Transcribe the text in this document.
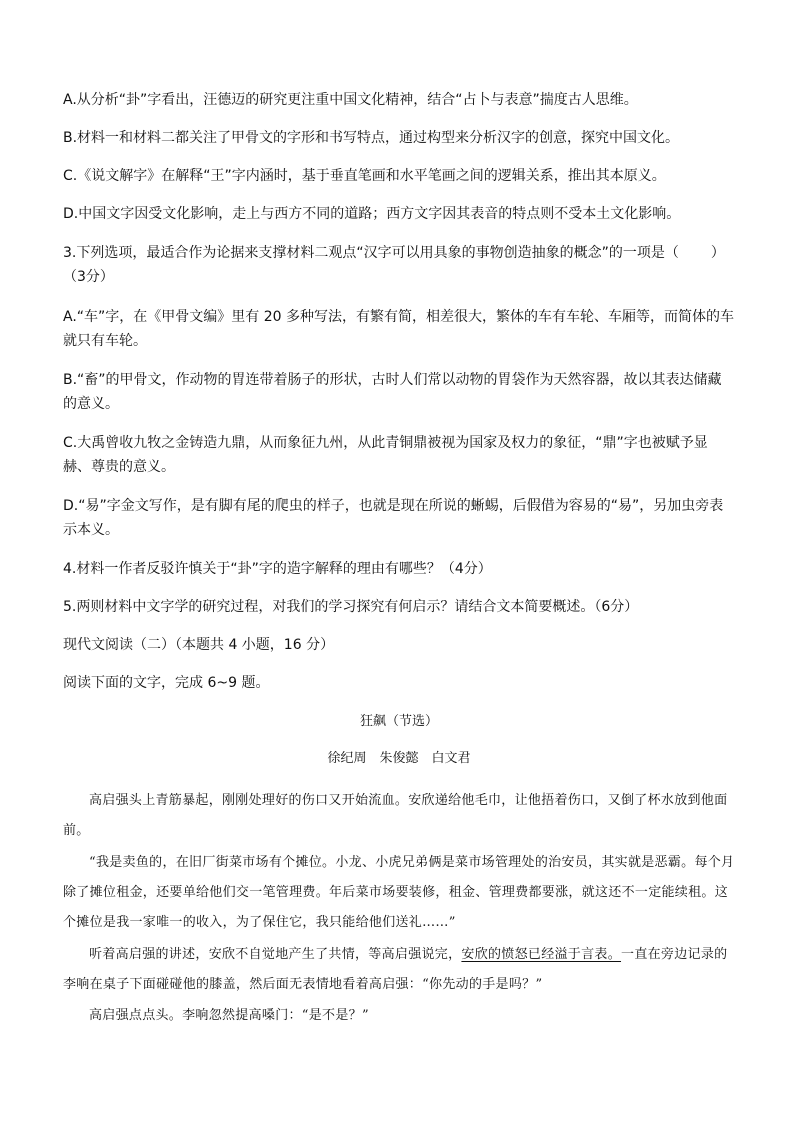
A.从分析“卦”字看出，汪德迈的研究更注重中国文化精神，结合“占卜与表意”揣度古人思维。
B.材料一和材料二都关注了甲骨文的字形和书写特点，通过构型来分析汉字的创意，探究中国文化。
C.《说文解字》在解释“王”字内涵时，基于垂直笔画和水平笔画之间的逻辑关系，推出其本原义。
D.中国文字因受文化影响，走上与西方不同的道路；西方文字因其表音的特点则不受本土文化影响。
3.下列选项，最适合作为论据来支撑材料二观点“汉字可以用具象的事物创造抽象的概念”的一项是（ ）
（3分）
A.“车”字，在《甲骨文编》里有 20 多种写法，有繁有简，相差很大，繁体的车有车轮、车厢等，而简体的车就只有车轮。
B.“畜”的甲骨文，作动物的胃连带着肠子的形状，古时人们常以动物的胃袋作为天然容器，故以其表达储藏的意义。
C.大禹曾收九牧之金铸造九鼎，从而象征九州，从此青铜鼎被视为国家及权力的象征，“鼎”字也被赋予显赫、尊贵的意义。
D.“易”字金文写作，是有脚有尾的爬虫的样子，也就是现在所说的蜥蜴，后假借为容易的“易”，另加虫旁表示本义。
4.材料一作者反驳许慎关于“卦”字的造字解释的理由有哪些？（4分）
5.两则材料中文字学的研究过程，对我们的学习探究有何启示？请结合文本简要概述。（6分）
现代文阅读（二）（本题共 4 小题，16 分）
阅读下面的文字，完成 6~9 题。
狂飙（节选）
徐纪周　朱俊懿　白文君
高启强头上青筋暴起，刚刚处理好的伤口又开始流血。安欣递给他毛巾，让他捂着伤口，又倒了杯水放到他面前。
“我是卖鱼的，在旧厂街菜市场有个摊位。小龙、小虎兄弟俩是菜市场管理处的治安员，其实就是恶霸。每个月除了摊位租金，还要单给他们交一笔管理费。年后菜市场要装修，租金、管理费都要涨，就这还不一定能续租。这个摊位是我一家唯一的收入，为了保住它，我只能给他们送礼……”
听着高启强的讲述，安欣不自觉地产生了共情，等高启强说完，安欣的愤怒已经溢于言表。一直在旁边记录的李响在桌子下面碰碰他的膝盖，然后面无表情地看着高启强：“你先动的手是吗？”
高启强点点头。李响忽然提高嗓门：“是不是？”
